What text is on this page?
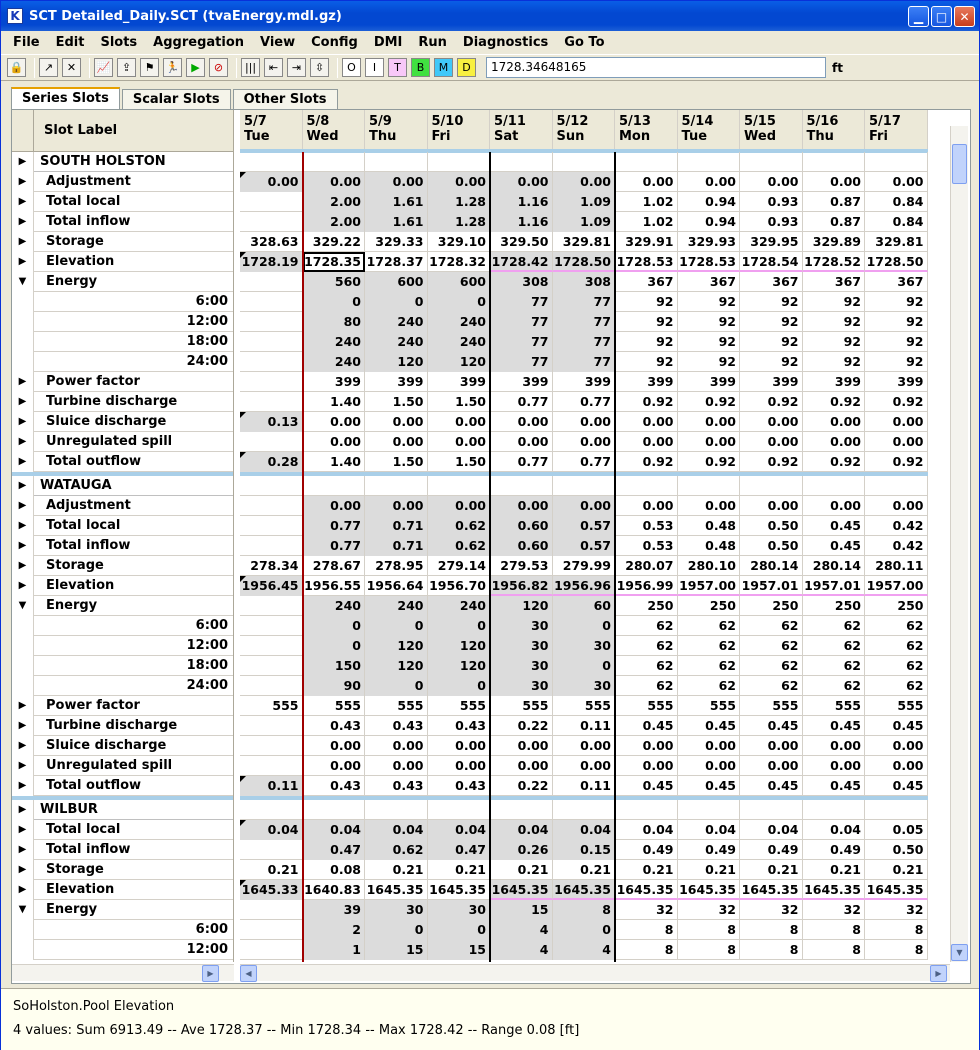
K SCT Detailed_Daily.SCT (tvaEnergy.mdl.gz)	▁	□	✕
File	Edit	Slots	Aggregation	View	Config	DMI	Run	Diagnostics	Go To
🔒	↗	✕	📈	⇪	⚑	🏃	▶	⊘	|||	⇤	⇥	⇳	O	I	T	B	M	D	1728.34648165	ft
Series Slots	Scalar Slots	Other Slots
Slot Label
▶	SOUTH HOLSTON
▶	Adjustment
▶	Total local
▶	Total inflow
▶	Storage
▶	Elevation
▼	Energy
6:00
12:00
18:00
24:00
▶	Power factor
▶	Turbine discharge
▶	Sluice discharge
▶	Unregulated spill
▶	Total outflow
▶	WATAUGA
▶	Adjustment
▶	Total local
▶	Total inflow
▶	Storage
▶	Elevation
▼	Energy
6:00
12:00
18:00
24:00
▶	Power factor
▶	Turbine discharge
▶	Sluice discharge
▶	Unregulated spill
▶	Total outflow
▶	WILBUR
▶	Total local
▶	Total inflow
▶	Storage
▶	Elevation
▼	Energy
6:00
12:00
5/7
Tue
5/8
Wed
5/9
Thu
5/10
Fri
5/11
Sat
5/12
Sun
5/13
Mon
5/14
Tue
5/15
Wed
5/16
Thu
5/17
Fri
0.00	0.00	0.00	0.00	0.00	0.00	0.00	0.00	0.00	0.00	0.00
2.00	1.61	1.28	1.16	1.09	1.02	0.94	0.93	0.87	0.84
2.00	1.61	1.28	1.16	1.09	1.02	0.94	0.93	0.87	0.84
328.63	329.22	329.33	329.10	329.50	329.81	329.91	329.93	329.95	329.89	329.81
1728.19 1728.35 1728.37 1728.32 1728.42 1728.50 1728.53 1728.53 1728.54 1728.52 1728.50
560	600	600	308	308	367	367	367	367	367
0	0	0	77	77	92	92	92	92	92
80	240	240	77	77	92	92	92	92	92
240	240	240	77	77	92	92	92	92	92
240	120	120	77	77	92	92	92	92	92
399	399	399	399	399	399	399	399	399	399
1.40	1.50	1.50	0.77	0.77	0.92	0.92	0.92	0.92	0.92
0.13	0.00	0.00	0.00	0.00	0.00	0.00	0.00	0.00	0.00	0.00
0.00	0.00	0.00	0.00	0.00	0.00	0.00	0.00	0.00	0.00
0.28	1.40	1.50	1.50	0.77	0.77	0.92	0.92	0.92	0.92	0.92
0.00	0.00	0.00	0.00	0.00	0.00	0.00	0.00	0.00	0.00
0.77	0.71	0.62	0.60	0.57	0.53	0.48	0.50	0.45	0.42
0.77	0.71	0.62	0.60	0.57	0.53	0.48	0.50	0.45	0.42
278.34	278.67	278.95	279.14	279.53	279.99	280.07	280.10	280.14	280.14	280.11
1956.45 1956.55 1956.64 1956.70 1956.82 1956.96 1956.99 1957.00 1957.01 1957.01 1957.00
240	240	240	120	60	250	250	250	250	250
0	0	0	30	0	62	62	62	62	62
0	120	120	30	30	62	62	62	62	62
150	120	120	30	0	62	62	62	62	62
90	0	0	30	30	62	62	62	62	62
555	555	555	555	555	555	555	555	555	555	555
0.43	0.43	0.43	0.22	0.11	0.45	0.45	0.45	0.45	0.45
0.00	0.00	0.00	0.00	0.00	0.00	0.00	0.00	0.00	0.00
0.00	0.00	0.00	0.00	0.00	0.00	0.00	0.00	0.00	0.00
0.11	0.43	0.43	0.43	0.22	0.11	0.45	0.45	0.45	0.45	0.45
0.04	0.04	0.04	0.04	0.04	0.04	0.04	0.04	0.04	0.04	0.05
0.47	0.62	0.47	0.26	0.15	0.49	0.49	0.49	0.49	0.50
0.21	0.08	0.21	0.21	0.21	0.21	0.21	0.21	0.21	0.21	0.21
1645.33 1640.83 1645.35 1645.35 1645.35 1645.35 1645.35 1645.35 1645.35 1645.35 1645.35
39	30	30	15	8	32	32	32	32	32
2	0	0	4	0	8	8	8	8	8
1	15	15	4	4	8	8	8	8	8	▼
▶	◀	▶
SoHolston.Pool Elevation
4 values: Sum 6913.49 -- Ave 1728.37 -- Min 1728.34 -- Max 1728.42 -- Range 0.08 [ft]
